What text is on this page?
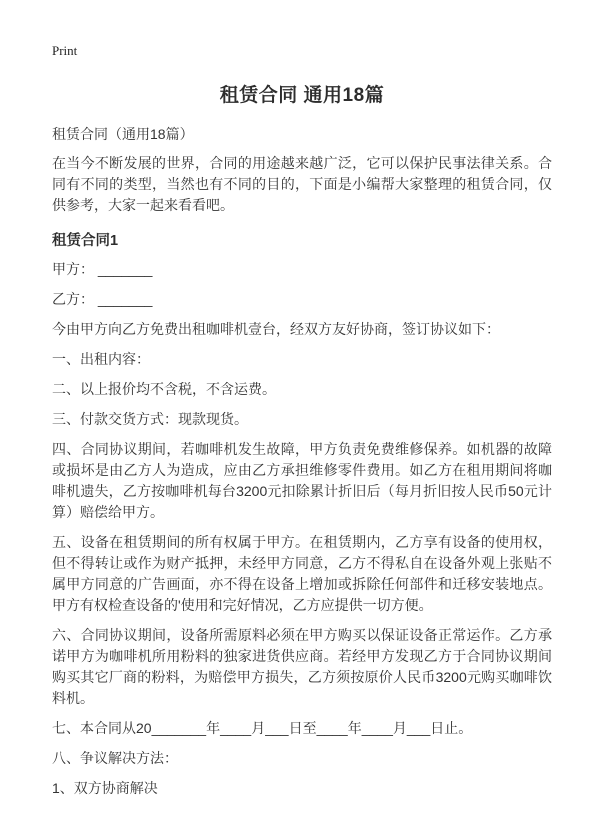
Print
租赁合同 通用18篇

租赁合同（通用18篇）

在当今不断发展的世界，合同的用途越来越广泛，它可以保护民事法律关系。合同有不同的类型，当然也有不同的目的，下面是小编帮大家整理的租赁合同，仅供参考，大家一起来看看吧。

租赁合同1

甲方： _______

乙方： _______

今由甲方向乙方免费出租咖啡机壹台，经双方友好协商，签订协议如下：

一、出租内容：

二、以上报价均不含税，不含运费。

三、付款交货方式：现款现货。

四、合同协议期间，若咖啡机发生故障，甲方负责免费维修保养。如机器的故障或损坏是由乙方人为造成，应由乙方承担维修零件费用。如乙方在租用期间将咖啡机遗失，乙方按咖啡机每台3200元扣除累计折旧后（每月折旧按人民币50元计算）赔偿给甲方。

五、设备在租赁期间的所有权属于甲方。在租赁期内，乙方享有设备的使用权，但不得转让或作为财产抵押，未经甲方同意，乙方不得私自在设备外观上张贴不属甲方同意的广告画面，亦不得在设备上增加或拆除任何部件和迁移安装地点。甲方有权检查设备的'使用和完好情况，乙方应提供一切方便。

六、合同协议期间，设备所需原料必须在甲方购买以保证设备正常运作。乙方承诺甲方为咖啡机所用粉料的独家进货供应商。若经甲方发现乙方于合同协议期间购买其它厂商的粉料，为赔偿甲方损失，乙方须按原价人民币3200元购买咖啡饮料机。

七、本合同从20_______年____月___日至____年____月___日止。

八、争议解决方法：

1、双方协商解决
